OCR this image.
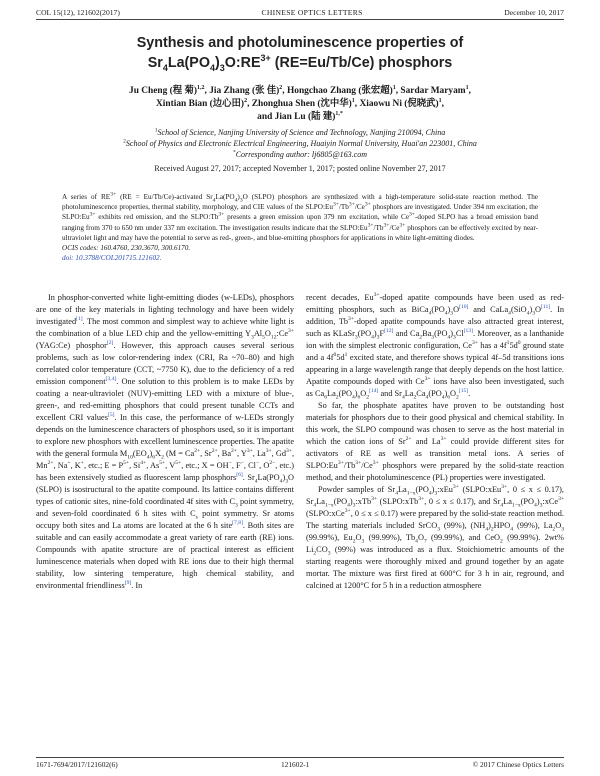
COL 15(12), 121602(2017)	CHINESE OPTICS LETTERS	December 10, 2017
Synthesis and photoluminescence properties of
$Sr_4La(PO_4)_3O:RE^{3+}$ (RE=Eu/Tb/Ce) phosphors
Ju Cheng (程 菊)$^{1,2}$, Jia Zhang (张 佳)$^2$, Hongchao Zhang (张宏超)$^1$, Sardar Maryam$^1$,
Xintian Bian (边心田)$^2$, Zhonghua Shen (沈中华)$^1$, Xiaowu Ni (倪晓武)$^1$,
and Jian Lu (陆 建)$^{1,*}$
$^1$School of Science, Nanjing University of Science and Technology, Nanjing 210094, China
$^2$School of Physics and Electronic Electrical Engineering, Huaiyin Normal University, Huai'an 223001, China
*Corresponding author: lj6805@163.com
Received August 27, 2017; accepted November 1, 2017; posted online November 27, 2017

A series of $RE^{3+}$ (RE = Eu/Tb/Ce)-activated $Sr_4La(PO_4)_3O$ (SLPO) phosphors are synthesized with a high-temperature solid-state reaction method. The photoluminescence properties, thermal stability, morphology, and CIE values of the $SLPO:Eu^{3+}/Tb^{3+}/Ce^{3+}$ phosphors are investigated. Under 394 nm excitation, the $SLPO:Eu^{3+}$ exhibits red emission, and the $SLPO:Tb^{3+}$ presents a green emission upon 379 nm excitation, while $Ce^{3+}$-doped SLPO has a broad emission band ranging from 370 to 650 nm under 337 nm excitation. The investigation results indicate that the $SLPO:Eu^{3+}/Tb^{3+}/Ce^{3+}$ phosphors can be effectively excited by near-ultraviolet light and may have the potential to serve as red-, green-, and blue-emitting phosphors for applications in white light-emitting diodes.

OCIS codes: 160.4760, 230.3670, 300.6170.

doi: 10.3788/COL201715.121602.

In phosphor-converted white light-emitting diodes (w-LEDs), phosphors are one of the key materials in lighting technology and have been widely investigated[1]. The most common and simplest way to achieve white light is the combination of a blue LED chip and the yellow-emitting $Y_3Al_5O_{12}:Ce^{3+}$ (YAG:Ce) phosphor[2]. However, this approach causes several serious problems, such as low color-rendering index (CRI, Ra ~70–80) and high correlated color temperature (CCT, ~7750 K), due to the deficiency of a red emission component[3,4]. One solution to this problem is to make LEDs by coating a near-ultraviolet (NUV)-emitting LED with a mixture of blue-, green-, and red-emitting phosphors that could present tunable CCTs and excellent CRI values[5]. In this case, the performance of w-LEDs strongly depends on the luminescence characters of phosphors used, so it is important to explore new phosphors with excellent luminescence properties. The apatite with the general formula $M_{10}(EO_4)_6X_2$ ($M = Ca^{2+}$, $Sr^{2+}$, $Ba^{2+}$, $Y^{3+}$, $La^{3+}$, $Gd^{3+}$, $Mn^{2+}$, Na+, K+, etc.; $E = P^{5+}$, $Si^{4+}$, $As^{5+}$, $V^{5+}$, etc.; X = OH−, F−, Cl−, $O^{2-}$, etc.) has been extensively studied as fluorescent lamp phosphors[6]. $Sr_4La(PO_4)_3O$ (SLPO) is isostructural to the apatite compound. Its lattice contains different types of cationic sites, nine-fold coordinated 4f sites with $C_3$ point symmetry, and seven-fold coordinated 6 h sites with $C_s$ point symmetry. Sr atoms occupy both sites and La atoms are located at the 6 h site[7,8]. Both sites are suitable and can easily accommodate a great variety of rare earth (RE) ions. Compounds with apatite structure are of practical interest as efficient luminescence materials when doped with RE ions due to their high thermal stability, low sintering temperature, high chemical stability, and environmental friendliness[9]. In

recent decades, $Eu^{3+}$-doped apatite compounds have been used as red-emitting phosphors, such as $BiCa_4(PO_4)_3O[10]$ and $CaLa_4(SiO_4)_3O[11]$. In addition, $Tb^{3+}$-doped apatite compounds have also attracted great interest, such as $KLaSr_3(PO_4)_3F[12]$ and $Ca_2Ba_3(PO_4)_3Cl[13]$. Moreover, as a lanthanide ion with the simplest electronic configuration, $Ce^{3+}$ has a $4f^15d^0$ ground state and a $4f^05d^1$ excited state, and therefore shows typical 4f–5d transitions ions appearing in a large wavelength range that deeply depends on the host lattice. Apatite compounds doped with $Ce^{3+}$ ions have also been investigated, such as $Ca_6La_2(PO_4)_6O_2[14]$ and $Sr_4La_2Ca_4(PO_4)_6O_2[15]$.

So far, the phosphate apatites have proven to be outstanding host materials for phosphors due to their good physical and chemical stability. In this work, the SLPO compound was chosen to serve as the host material in which the cation ions of $Sr^{2+}$ and $La^{3+}$ could provide different sites for activators of RE as well as transition metal ions. A series of $SLPO:Eu^{3+}/Tb^{3+}/Ce^{3+}$ phosphors were prepared by the solid-state reaction method, and their photoluminescence (PL) properties were investigated.

Powder samples of $Sr_4La_{1-x}(PO_4)_3:xEu^{3+}$ (SLPO:xEu$^{3+}$, 0 ≤ x ≤ 0.17), $Sr_4La_{1-x}(PO_4)_3:xTb^{3+}$ (SLPO:xTb$^{3+}$, 0 ≤ x ≤ 0.17), and $Sr_4La_{1-x}(PO_4)_3:xCe^{3+}$ (SLPO:xCe$^{3+}$, 0 ≤ x ≤ 0.17) were prepared by the solid-state reaction method. The starting materials included SrCO$_3$ (99%), $(NH_4)_2HPO_4$ (99%), $La_2O_3$ (99.99%), $Eu_2O_3$ (99.99%), $Tb_4O_7$ (99.99%), and CeO$_2$ (99.99%). 2wt% $Li_2CO_3$ (99%) was introduced as a flux. Stoichiometric amounts of the starting reagents were thoroughly mixed and ground together by an agate mortar. The mixture was first fired at 600°C for 3 h in air, reground, and calcined at 1200°C for 5 h in a reduction atmosphere

1671-7694/2017/121602(6)	121602-1	© 2017 Chinese Optics Letters
